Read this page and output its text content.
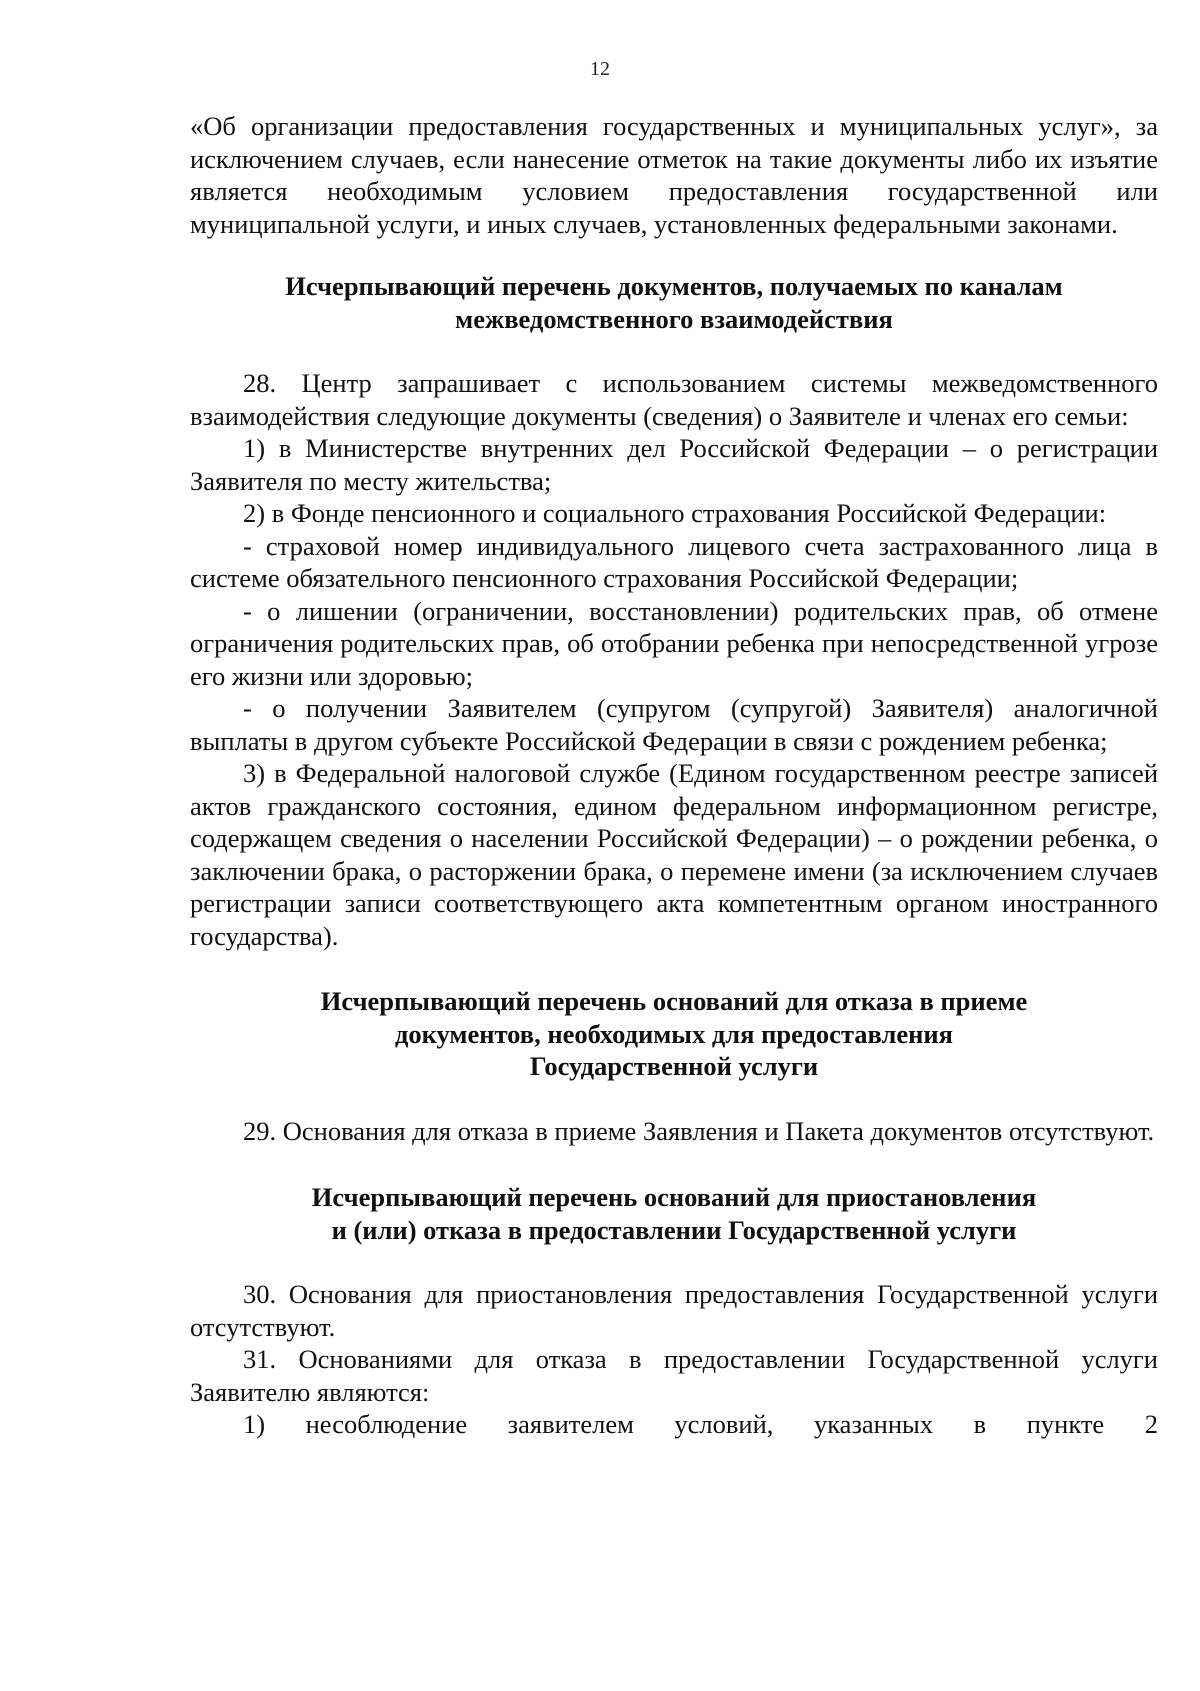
12

«Об организации предоставления государственных и муниципальных услуг», за исключением случаев, если нанесение отметок на такие документы либо их изъятие является необходимым условием предоставления государственной или муниципальной услуги, и иных случаев, установленных федеральными законами.

Исчерпывающий перечень документов, получаемых по каналам
межведомственного взаимодействия

28. Центр запрашивает с использованием системы межведомственного взаимодействия следующие документы (сведения) о Заявителе и членах его семьи:

1) в Министерстве внутренних дел Российской Федерации – о регистрации Заявителя по месту жительства;

2) в Фонде пенсионного и социального страхования Российской Федерации:

- страховой номер индивидуального лицевого счета застрахованного лица в системе обязательного пенсионного страхования Российской Федерации;

- о лишении (ограничении, восстановлении) родительских прав, об отмене ограничения родительских прав, об отобрании ребенка при непосредственной угрозе его жизни или здоровью;

- о получении Заявителем (супругом (супругой) Заявителя) аналогичной выплаты в другом субъекте Российской Федерации в связи с рождением ребенка;

3) в Федеральной налоговой службе (Едином государственном реестре записей актов гражданского состояния, едином федеральном информационном регистре, содержащем сведения о населении Российской Федерации) – о рождении ребенка, о заключении брака, о расторжении брака, о перемене имени (за исключением случаев регистрации записи соответствующего акта компетентным органом иностранного государства).

Исчерпывающий перечень оснований для отказа в приеме
документов, необходимых для предоставления
Государственной услуги

29. Основания для отказа в приеме Заявления и Пакета документов отсутствуют.

Исчерпывающий перечень оснований для приостановления
и (или) отказа в предоставлении Государственной услуги

30. Основания для приостановления предоставления Государственной услуги отсутствуют.

31. Основаниями для отказа в предоставлении Государственной услуги Заявителю являются:

1) несоблюдение заявителем условий, указанных в пункте 2
